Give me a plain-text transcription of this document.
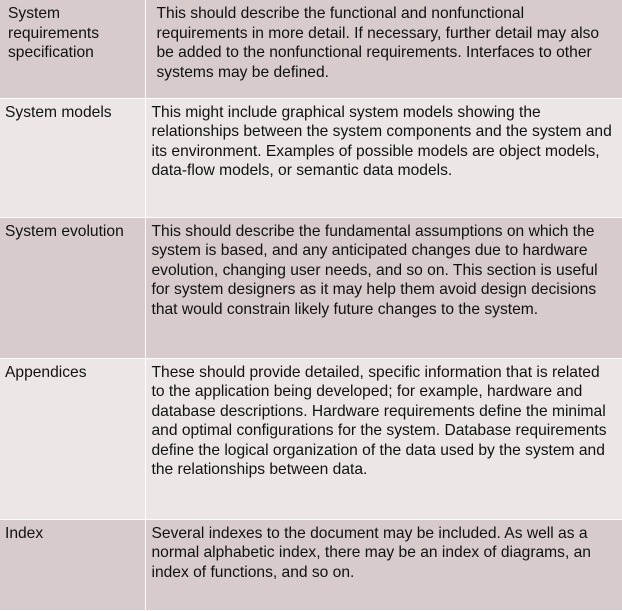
System requirements specification	This should describe the functional and nonfunctional requirements in more detail. If necessary, further detail may also be added to the nonfunctional requirements. Interfaces to other systems may be defined.
System models	This might include graphical system models showing the relationships between the system components and the system and its environment. Examples of possible models are object models, data-flow models, or semantic data models.
System evolution	This should describe the fundamental assumptions on which the system is based, and any anticipated changes due to hardware evolution, changing user needs, and so on. This section is useful for system designers as it may help them avoid design decisions that would constrain likely future changes to the system.
Appendices	These should provide detailed, specific information that is related to the application being developed; for example, hardware and database descriptions. Hardware requirements define the minimal and optimal configurations for the system. Database requirements define the logical organization of the data used by the system and the relationships between data.
Index	Several indexes to the document may be included. As well as a normal alphabetic index, there may be an index of diagrams, an index of functions, and so on.
